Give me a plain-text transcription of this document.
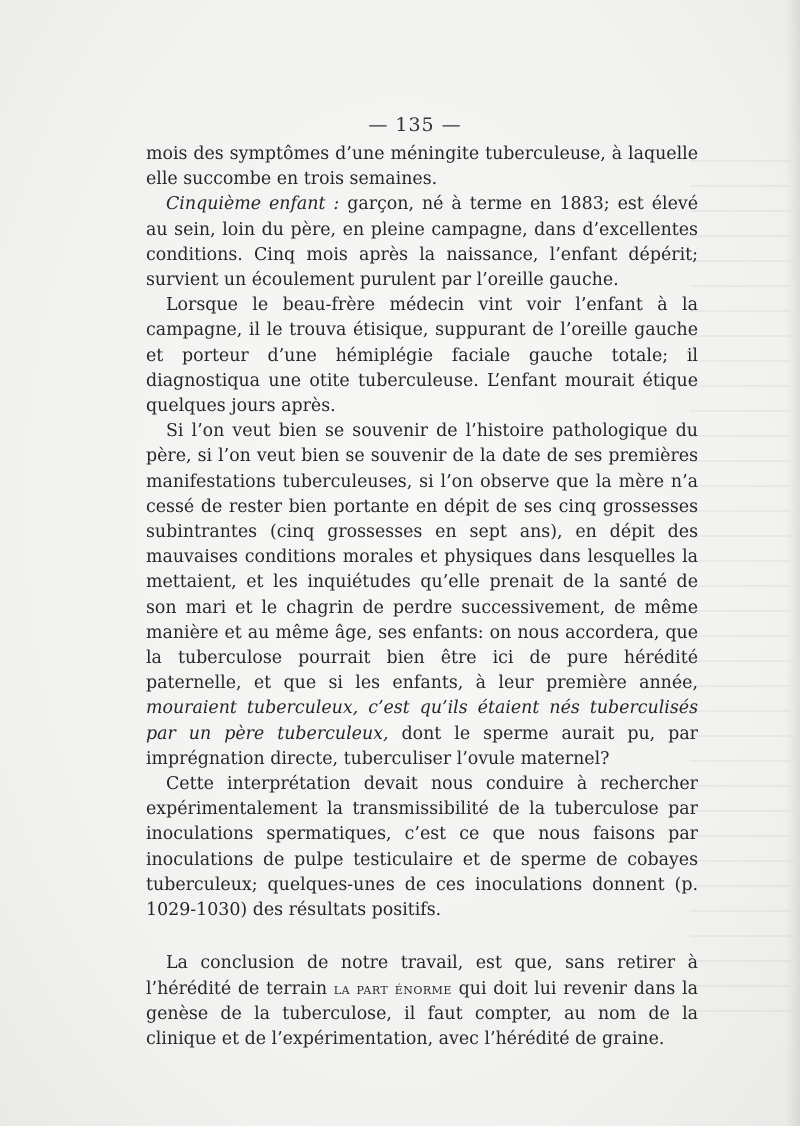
— 135 —

mois des symptômes d’une méningite tuberculeuse, à laquelle elle succombe en trois semaines.

Cinquième enfant : garçon, né à terme en 1883; est élevé au sein, loin du père, en pleine campagne, dans d’excellentes conditions. Cinq mois après la naissance, l’enfant dépérit; survient un écoulement purulent par l’oreille gauche.

Lorsque le beau-frère médecin vint voir l’enfant à la campagne, il le trouva étisique, suppurant de l’oreille gauche et porteur d’une hémiplégie faciale gauche totale; il diagnostiqua une otite tuberculeuse. L’enfant mourait étique quelques jours après.

Si l’on veut bien se souvenir de l’histoire pathologique du père, si l’on veut bien se souvenir de la date de ses premières manifestations tuberculeuses, si l’on observe que la mère n’a cessé de rester bien portante en dépit de ses cinq grossesses subintrantes (cinq grossesses en sept ans), en dépit des mauvaises conditions morales et physiques dans lesquelles la mettaient, et les inquiétudes qu’elle prenait de la santé de son mari et le chagrin de perdre successivement, de même manière et au même âge, ses enfants: on nous accordera, que la tuberculose pourrait bien être ici de pure hérédité paternelle, et que si les enfants, à leur première année, mouraient tuberculeux, c’est qu’ils étaient nés tuberculisés par un père tuberculeux, dont le sperme aurait pu, par imprégnation directe, tuberculiser l’ovule maternel?

Cette interprétation devait nous conduire à rechercher expérimentalement la transmissibilité de la tuberculose par inoculations spermatiques, c’est ce que nous faisons par inoculations de pulpe testiculaire et de sperme de cobayes tuberculeux; quelques-unes de ces inoculations donnent (p. 1029-1030) des résultats positifs.

La conclusion de notre travail, est que, sans retirer à l’hérédité de terrain la part énorme qui doit lui revenir dans la genèse de la tuberculose, il faut compter, au nom de la clinique et de l’expérimentation, avec l’hérédité de graine.
